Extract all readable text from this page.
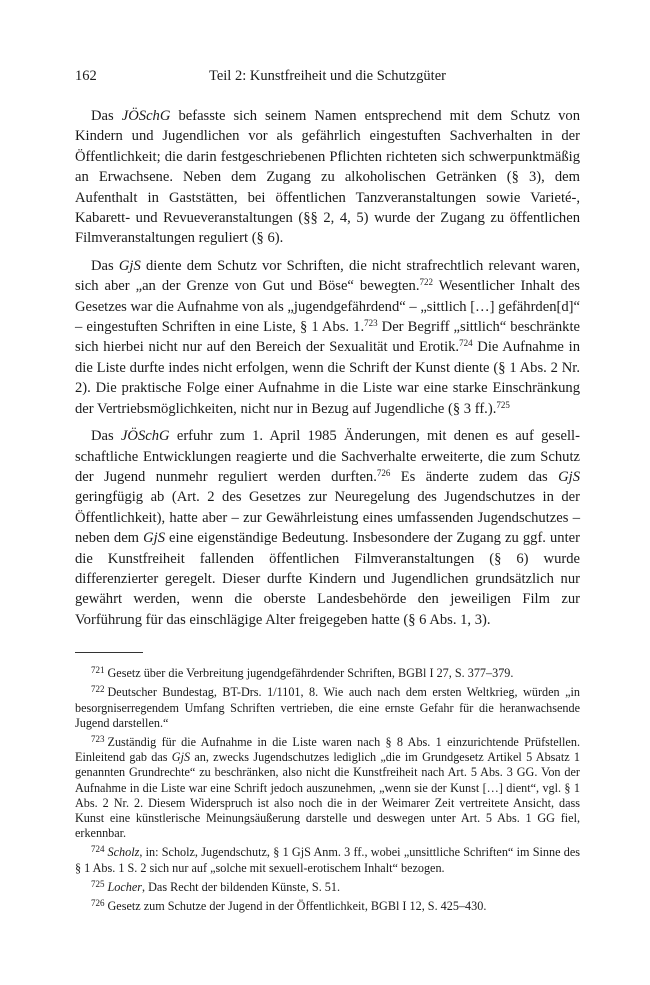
162	Teil 2: Kunstfreiheit und die Schutzgüter

Das JÖSchG befasste sich seinem Namen entsprechend mit dem Schutz von Kindern und Jugendlichen vor als gefährlich eingestuften Sachverhalten in der Öffentlichkeit; die darin festgeschriebenen Pflichten richteten sich schwerpunktmäßig an Erwachsene. Neben dem Zugang zu alkoholischen Getränken (§ 3), dem Aufenthalt in Gaststätten, bei öffentlichen Tanzveranstaltungen sowie Varieté-, Kabarett- und Revueveranstaltungen (§§ 2, 4, 5) wurde der Zugang zu öffentlichen Filmveranstaltungen reguliert (§ 6).

Das GjS diente dem Schutz vor Schriften, die nicht strafrechtlich relevant waren, sich aber „an der Grenze von Gut und Böse“ bewegten.$^{722}$ Wesentlicher Inhalt des Gesetzes war die Aufnahme von als „jugendgefährdend“ – „sittlich […] gefährden[d]“ – eingestuften Schriften in eine Liste, § 1 Abs. 1.$^{723}$ Der Begriff „sittlich“ beschränkte sich hierbei nicht nur auf den Bereich der Sexualität und Erotik.$^{724}$ Die Aufnahme in die Liste durfte indes nicht erfolgen, wenn die Schrift der Kunst diente (§ 1 Abs. 2 Nr. 2). Die praktische Folge einer Aufnahme in die Liste war eine starke Einschränkung der Vertriebsmöglichkeiten, nicht nur in Bezug auf Jugendliche (§ 3 ff.).$^{725}$

Das JÖSchG erfuhr zum 1. April 1985 Änderungen, mit denen es auf gesellschaftliche Entwicklungen reagierte und die Sachverhalte erweiterte, die zum Schutz der Jugend nunmehr reguliert werden durften.$^{726}$ Es änderte zudem das GjS geringfügig ab (Art. 2 des Gesetzes zur Neuregelung des Jugendschutzes in der Öffentlichkeit), hatte aber – zur Gewährleistung eines umfassenden Jugendschutzes – neben dem GjS eine eigenständige Bedeutung. Insbesondere der Zugang zu ggf. unter die Kunstfreiheit fallenden öffentlichen Filmveranstaltungen (§ 6) wurde differenzierter geregelt. Dieser durfte Kindern und Jugendlichen grundsätzlich nur gewährt werden, wenn die oberste Landesbehörde den jeweiligen Film zur Vorführung für das einschlägige Alter freigegeben hatte (§ 6 Abs. 1, 3).

$^{721}$ Gesetz über die Verbreitung jugendgefährdender Schriften, BGBl I 27, S. 377–379.

$^{722}$ Deutscher Bundestag, BT-Drs. 1/1101, 8. Wie auch nach dem ersten Weltkrieg, würden „in besorgniserregendem Umfang Schriften vertrieben, die eine ernste Gefahr für die heranwachsende Jugend darstellen.“

$^{723}$ Zuständig für die Aufnahme in die Liste waren nach § 8 Abs. 1 einzurichtende Prüfstellen. Einleitend gab das GjS an, zwecks Jugendschutzes lediglich „die im Grundgesetz Artikel 5 Absatz 1 genannten Grundrechte“ zu beschränken, also nicht die Kunstfreiheit nach Art. 5 Abs. 3 GG. Von der Aufnahme in die Liste war eine Schrift jedoch auszunehmen, „wenn sie der Kunst […] dient“, vgl. § 1 Abs. 2 Nr. 2. Diesem Widerspruch ist also noch die in der Weimarer Zeit vertreitete Ansicht, dass Kunst eine künstlerische Meinungsäußerung darstelle und deswegen unter Art. 5 Abs. 1 GG fiel, erkennbar.

$^{724}$ Scholz, in: Scholz, Jugendschutz, § 1 GjS Anm. 3 ff., wobei „unsittliche Schriften“ im Sinne des § 1 Abs. 1 S. 2 sich nur auf „solche mit sexuell-erotischem Inhalt“ bezogen.

$^{725}$ Locher, Das Recht der bildenden Künste, S. 51.

$^{726}$ Gesetz zum Schutze der Jugend in der Öffentlichkeit, BGBl I 12, S. 425–430.
